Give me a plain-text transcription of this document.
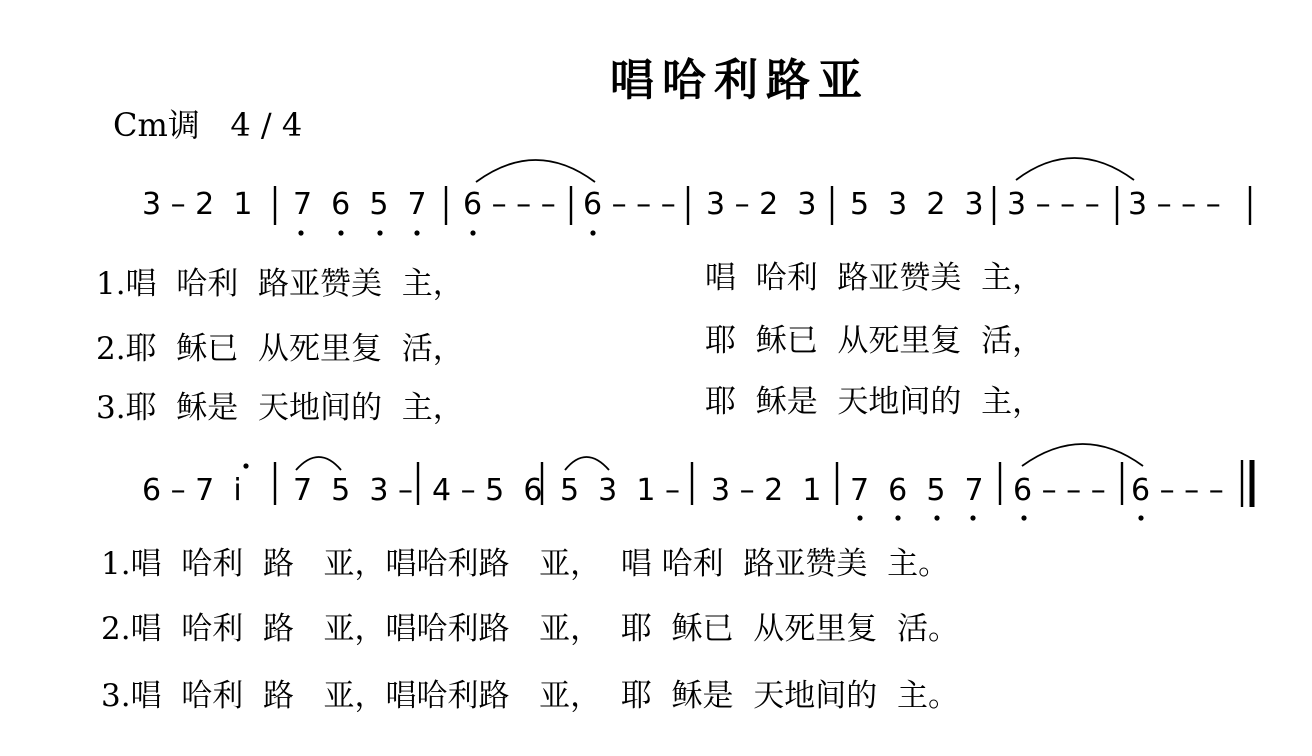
唱哈利路亚
Cm调 4 / 4
3 – 2  1 7  6  5  7 6 – – – 6 – – – 3 – 2  3 5  3  2  3 3 – – – 3 – – –
1.唱  哈利  路亚赞美  主，	唱  哈利  路亚赞美  主，
2.耶  稣已  从死里复  活，	耶  稣已  从死里复  活，
3.耶  稣是  天地间的  主，	耶  稣是  天地间的  主，
6 – 7  i 7  5  3 – 4 – 5  6 5  3  1 – 3 – 2  1 7  6  5  7 6 – – – 6 – – –
1.唱  哈利  路   亚，唱哈利路   亚，  唱 哈利  路亚赞美  主。
2.唱  哈利  路   亚，唱哈利路   亚，  耶  稣已  从死里复  活。
3.唱  哈利  路   亚，唱哈利路   亚，  耶  稣是  天地间的  主。
